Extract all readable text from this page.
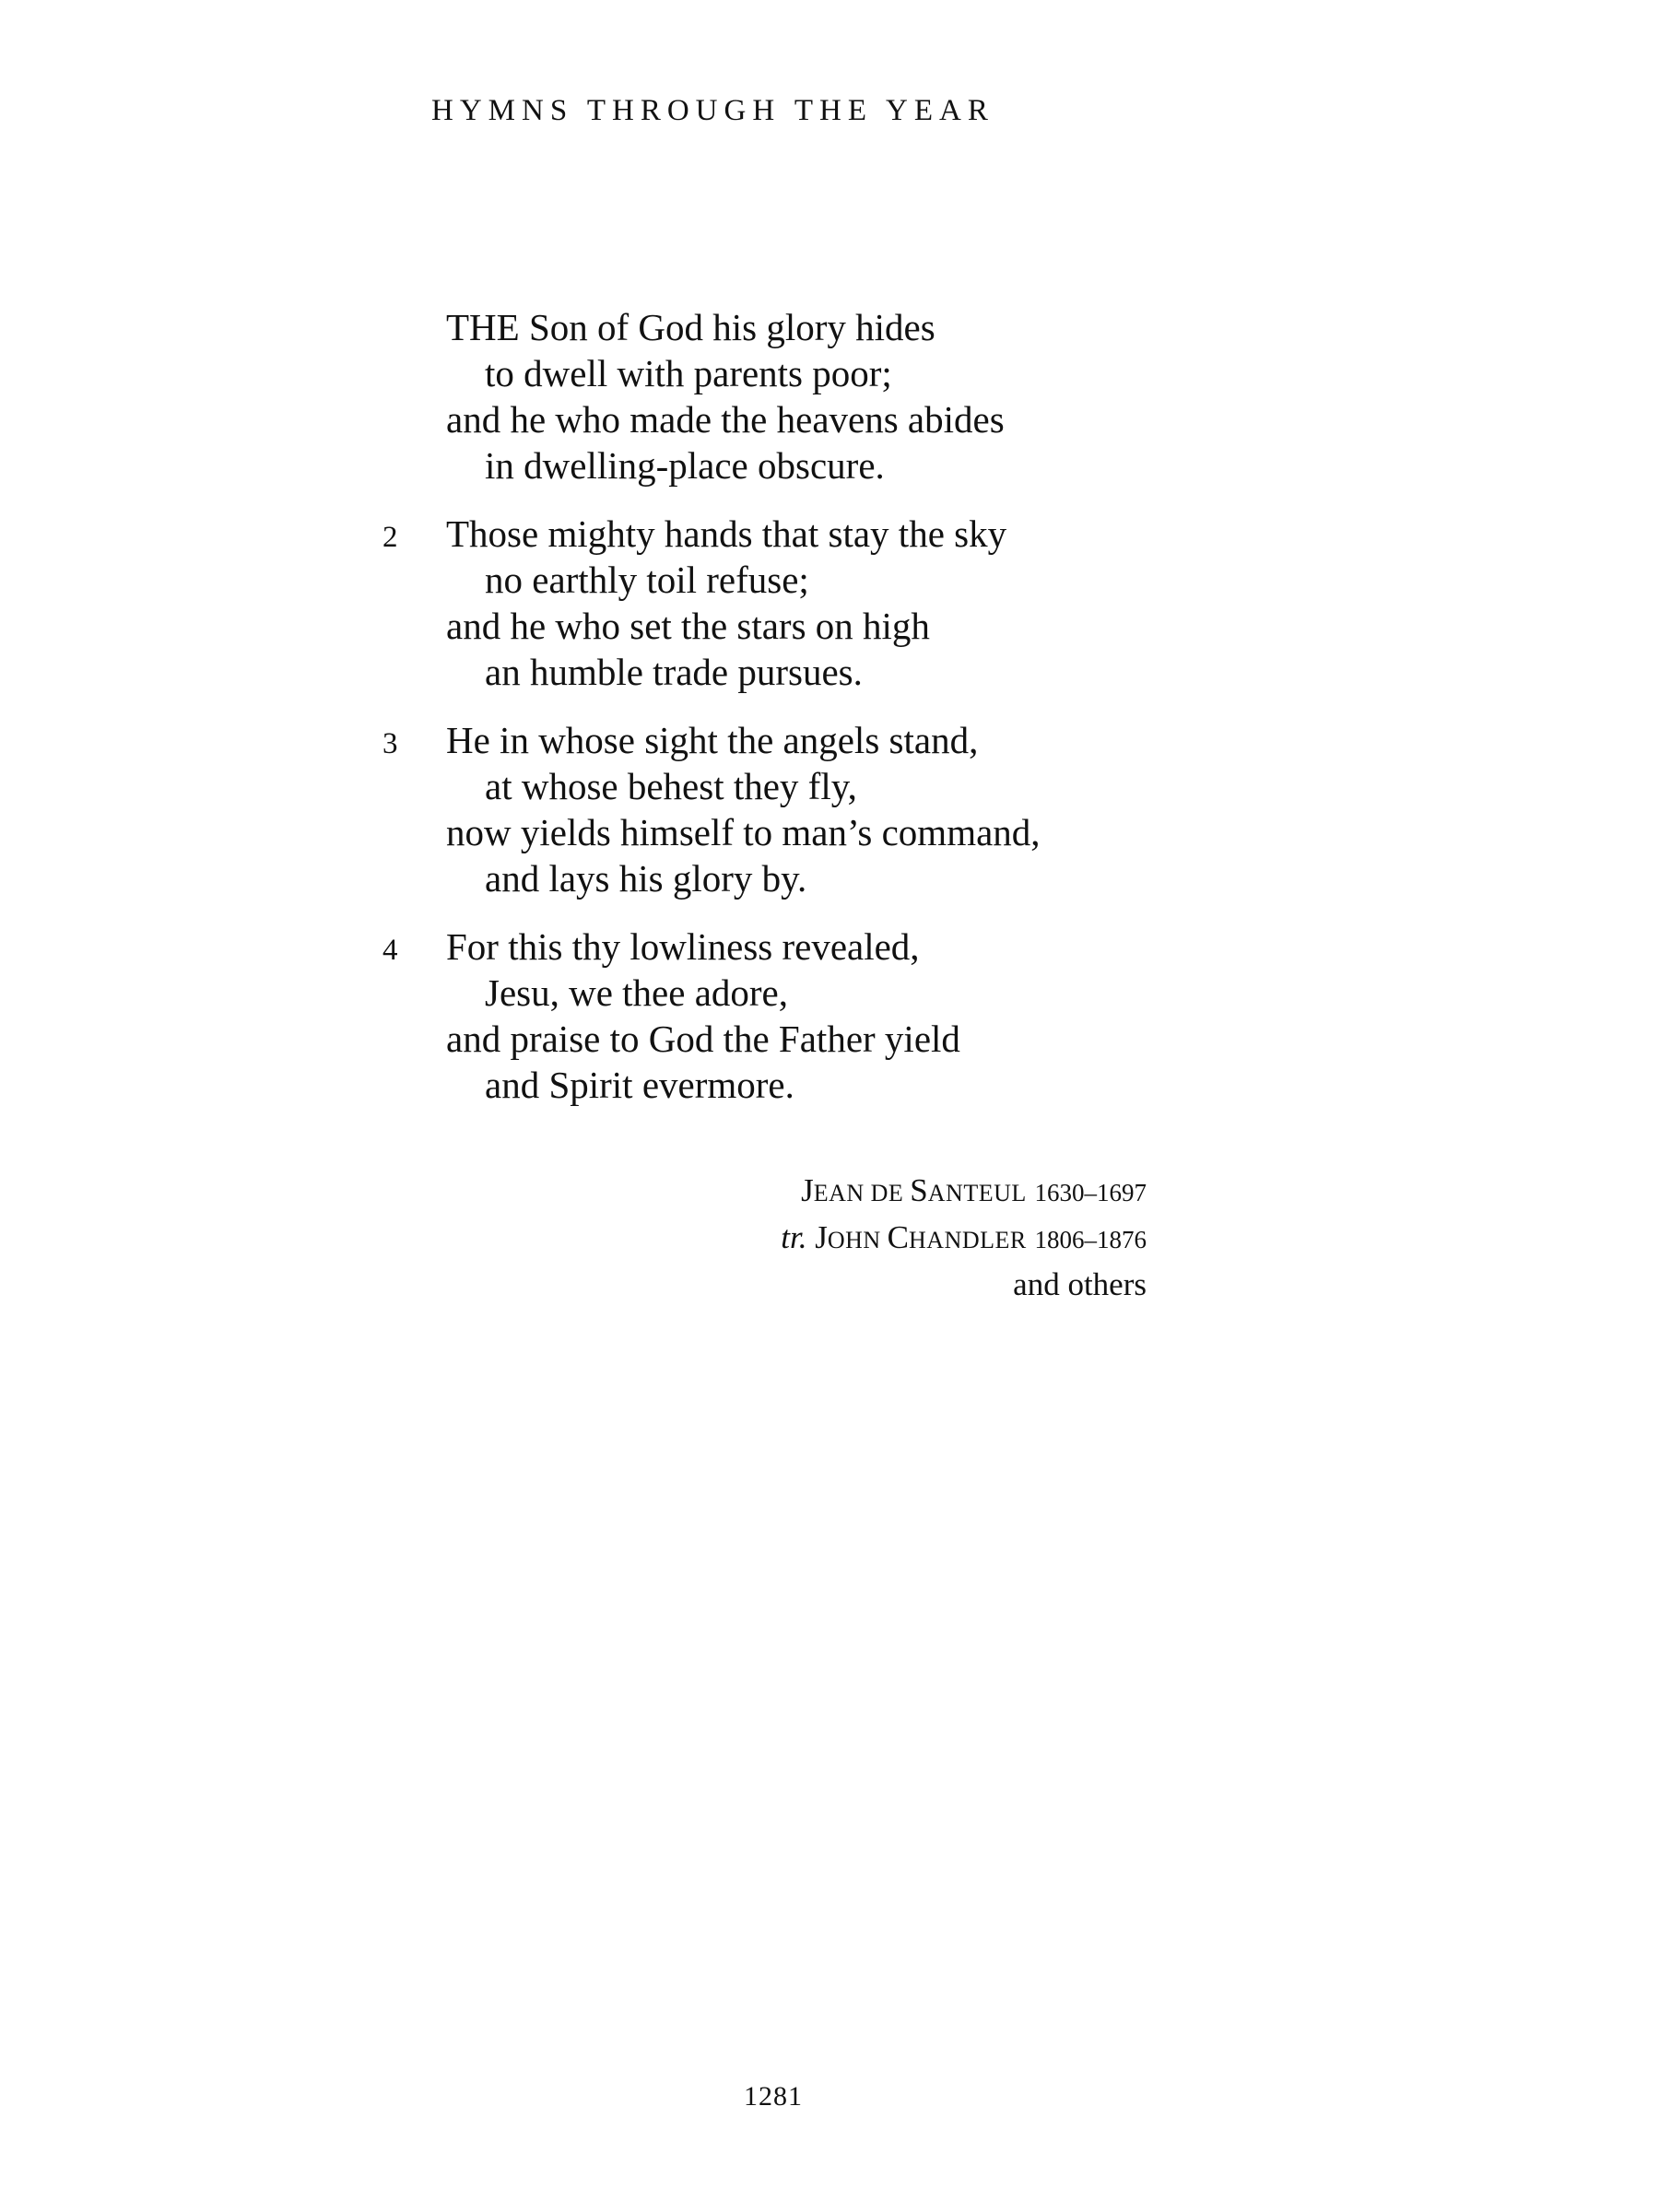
HYMNS THROUGH THE YEAR
THE Son of God his glory hides
to dwell with parents poor;
and he who made the heavens abides
in dwelling-place obscure.
2 Those mighty hands that stay the sky
no earthly toil refuse;
and he who set the stars on high
an humble trade pursues.
3 He in whose sight the angels stand,
at whose behest they fly,
now yields himself to man’s command,
and lays his glory by.
4 For this thy lowliness revealed,
Jesu, we thee adore,
and praise to God the Father yield
and Spirit evermore.
JEAN DE SANTEUL 1630–1697
tr. JOHN CHANDLER 1806–1876
and others
1281
